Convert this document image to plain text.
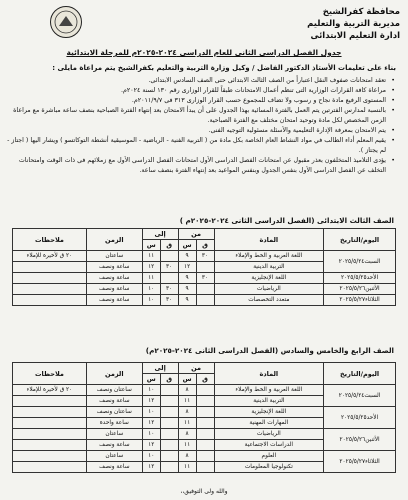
محافظة كفرالشيخ
مديرية التربية والتعليم
ادارة التعليم الابتدائى
جدول الفصل الدراسى الثانى للعام الدراسى ٢٠٢٤-٢٠٢٥م للمرحلة الابتدائية
بناء على تعليمات الأستاذ الدكتور الفاضل / وكيل وزارة التربية والتعليم بكفرالشيخ يتم مراعاة مايلى :
• تعقد امتحانات صفوف النقل اعتباراً من الصف الثالث الابتدائى حتى الصف السادس الابتدائى.
• مراعاة كافة القرارات الوزارية التى تنظم أعمال الامتحانات طبقاً للقرار الوزارى رقم ١٣٠ لسنة ٢٠٢٤م.
• المستوى الرفيع مادة نجاح و رسوب ولا تضاف للمجموع حسب القرار الوزارى ٣١٣ فى ٢٠١١/٩/٧م.
• بالنسبة لمدارس الفترتين يتم العمل بالفترة المسائية بهذا الجدول على أن يبدأ الامتحان بعد إنتهاء الفترة الصباحية بنصف ساعة مباشرة مع مراعاة الزمن المخصص لكل مادة وتوحيد امتحان مختلف مع الفترة الصباحية.
• يتم الامتحان بمعرفة الإدارة التعليمية والأسئلة مسئولية التوجيه الفنى.
• يقيم المعلم أداء الطالب في مواد النشاط العام الخاصة بكل مادة من ( التربية الفنية - الرياضية - الموسيقية أنشطة التوكاتسو ) ويشار اليها ( اجتاز - لم يجتاز ).
• يؤدى التلاميذ المتخلفون بعذر مقبول عن امتحانات الفصل الدراسى الأول امتحانات الفصل الدراسى الأول مع زملائهم فى ذات الوقت وامتحانات التخلف عن الفصل الدراسى الأول بنفس الجدول وبنفس المواعيد بعد إنتهاء الفترة بنصف ساعة.
الصف الثالث الابتدائى (الفصل الدراسى الثانى ٢٠٢٤-٢٠٢٥م )
اليوم/التاريخ	المادة	من		إلى		الزمن	ملاحظات
		ق	س	ق	س		
السبت٢٠٢٥/٥/٢٤	اللغة العربية و الخط والإملاء	٣٠	٩		١١	ساعتان	٢٠ ق لأخيرة للإملاء
	التربية الدينية		١٢	٣٠	١٢	ساعة ونصف	
الأحد٢٠٢٥/٥/٢٥	اللغة الإنجليزية	٣٠	٩		١١	ساعة ونصف	
الأثنين٢٠٢٥/٥/٢٦	الرياضيات		٩	٣٠	١٠	ساعة ونصف	
الثلاثاء٢٠٢٥/٥/٢٧	متعدد التخصصات		٩	٣٠	١٠	ساعة ونصف	
الصف الرابع والخامس والسادس (الفصل الدراسى الثانى ٢٠٢٤-٢٠٢٥م)
اليوم/التاريخ	المادة	من		إلى		الزمن	ملاحظات
		ق	س	ق	س		
السبت٢٠٢٥/٥/٢٤	اللغة العربية و الخط والإملاء		٨		١٠	ساعتان ونصف	٢٠ ق لأخيرة للإملاء
	التربية الدينية		١١		١٢	ساعة ونصف	
الأحد٢٠٢٥/٥/٢٥	اللغة الإنجليزية		٨		١٠	ساعتان ونصف	
	المهارات المهنية		١١		١٢	ساعة واحدة	
الأثنين٢٠٢٥/٥/٢٦	الرياضيات		٨		١٠	ساعتان	
	الدراسات الاجتماعية		١١		١٢	ساعة ونصف	
الثلاثاء٢٠٢٥/٥/٢٧	العلوم		٨		١٠	ساعتان	
	تكنولوجيا المعلومات		١١		١٢	ساعة ونصف	
والله ولى التوفيق،،
